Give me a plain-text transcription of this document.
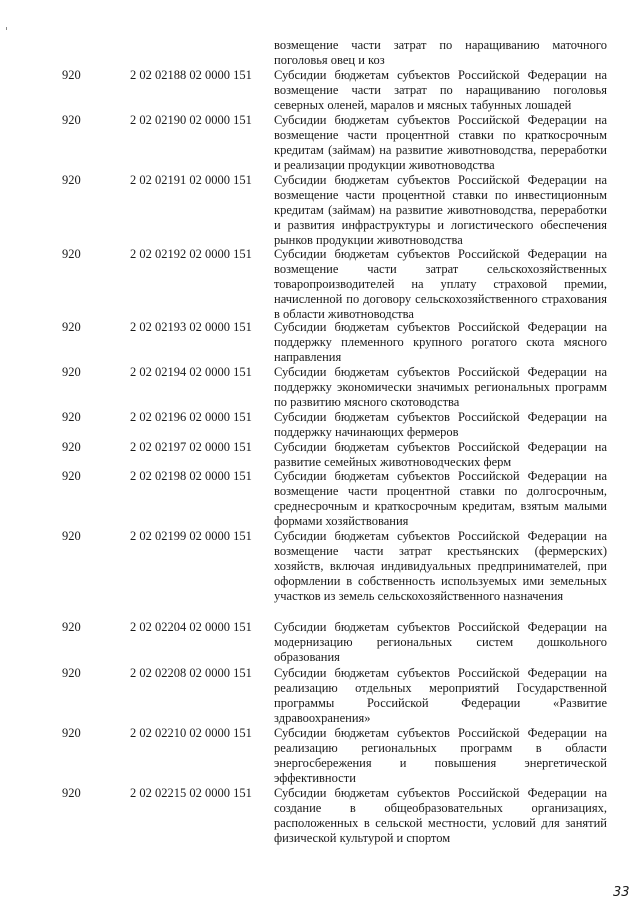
возмещение части затрат по наращиванию маточного поголовья овец и коз
920	2 02 02188 02 0000 151 Субсидии бюджетам субъектов Российской Федерации на возмещение части затрат по наращиванию поголовья северных оленей, маралов и мясных табунных лошадей
920	2 02 02190 02 0000 151 Субсидии бюджетам субъектов Российской Федерации на возмещение части процентной ставки по краткосрочным кредитам (займам) на развитие животноводства, переработки и реализации продукции животноводства
920	2 02 02191 02 0000 151 Субсидии бюджетам субъектов Российской Федерации на возмещение части процентной ставки по инвестиционным кредитам (займам) на развитие животноводства, переработки и развития инфраструктуры и логистического обеспечения рынков продукции животноводства
920	2 02 02192 02 0000 151 Субсидии бюджетам субъектов Российской Федерации на возмещение части затрат сельскохозяйственных товаропроизводителей на уплату страховой премии, начисленной по договору сельскохозяйственного страхования в области животноводства
920	2 02 02193 02 0000 151 Субсидии бюджетам субъектов Российской Федерации на поддержку племенного крупного рогатого скота мясного направления
920	2 02 02194 02 0000 151 Субсидии бюджетам субъектов Российской Федерации на поддержку экономически значимых региональных программ по развитию мясного скотоводства
920	2 02 02196 02 0000 151 Субсидии бюджетам субъектов Российской Федерации на поддержку начинающих фермеров
920	2 02 02197 02 0000 151 Субсидии бюджетам субъектов Российской Федерации на развитие семейных животноводческих ферм
920	2 02 02198 02 0000 151 Субсидии бюджетам субъектов Российской Федерации на возмещение части процентной ставки по долгосрочным, среднесрочным и краткосрочным кредитам, взятым малыми формами хозяйствования
920	2 02 02199 02 0000 151 Субсидии бюджетам субъектов Российской Федерации на возмещение части затрат крестьянских (фермерских) хозяйств, включая индивидуальных предпринимателей, при оформлении в собственность используемых ими земельных участков из земель сельскохозяйственного назначения
920	2 02 02204 02 0000 151 Субсидии бюджетам субъектов Российской Федерации на модернизацию региональных систем дошкольного образования
920	2 02 02208 02 0000 151 Субсидии бюджетам субъектов Российской Федерации на реализацию отдельных мероприятий Государственной программы Российской Федерации «Развитие здравоохранения»
920	2 02 02210 02 0000 151 Субсидии бюджетам субъектов Российской Федерации на реализацию региональных программ в области энергосбережения и повышения энергетической эффективности
920	2 02 02215 02 0000 151 Субсидии бюджетам субъектов Российской Федерации на создание в общеобразовательных организациях, расположенных в сельской местности, условий для занятий физической культурой и спортом
33
